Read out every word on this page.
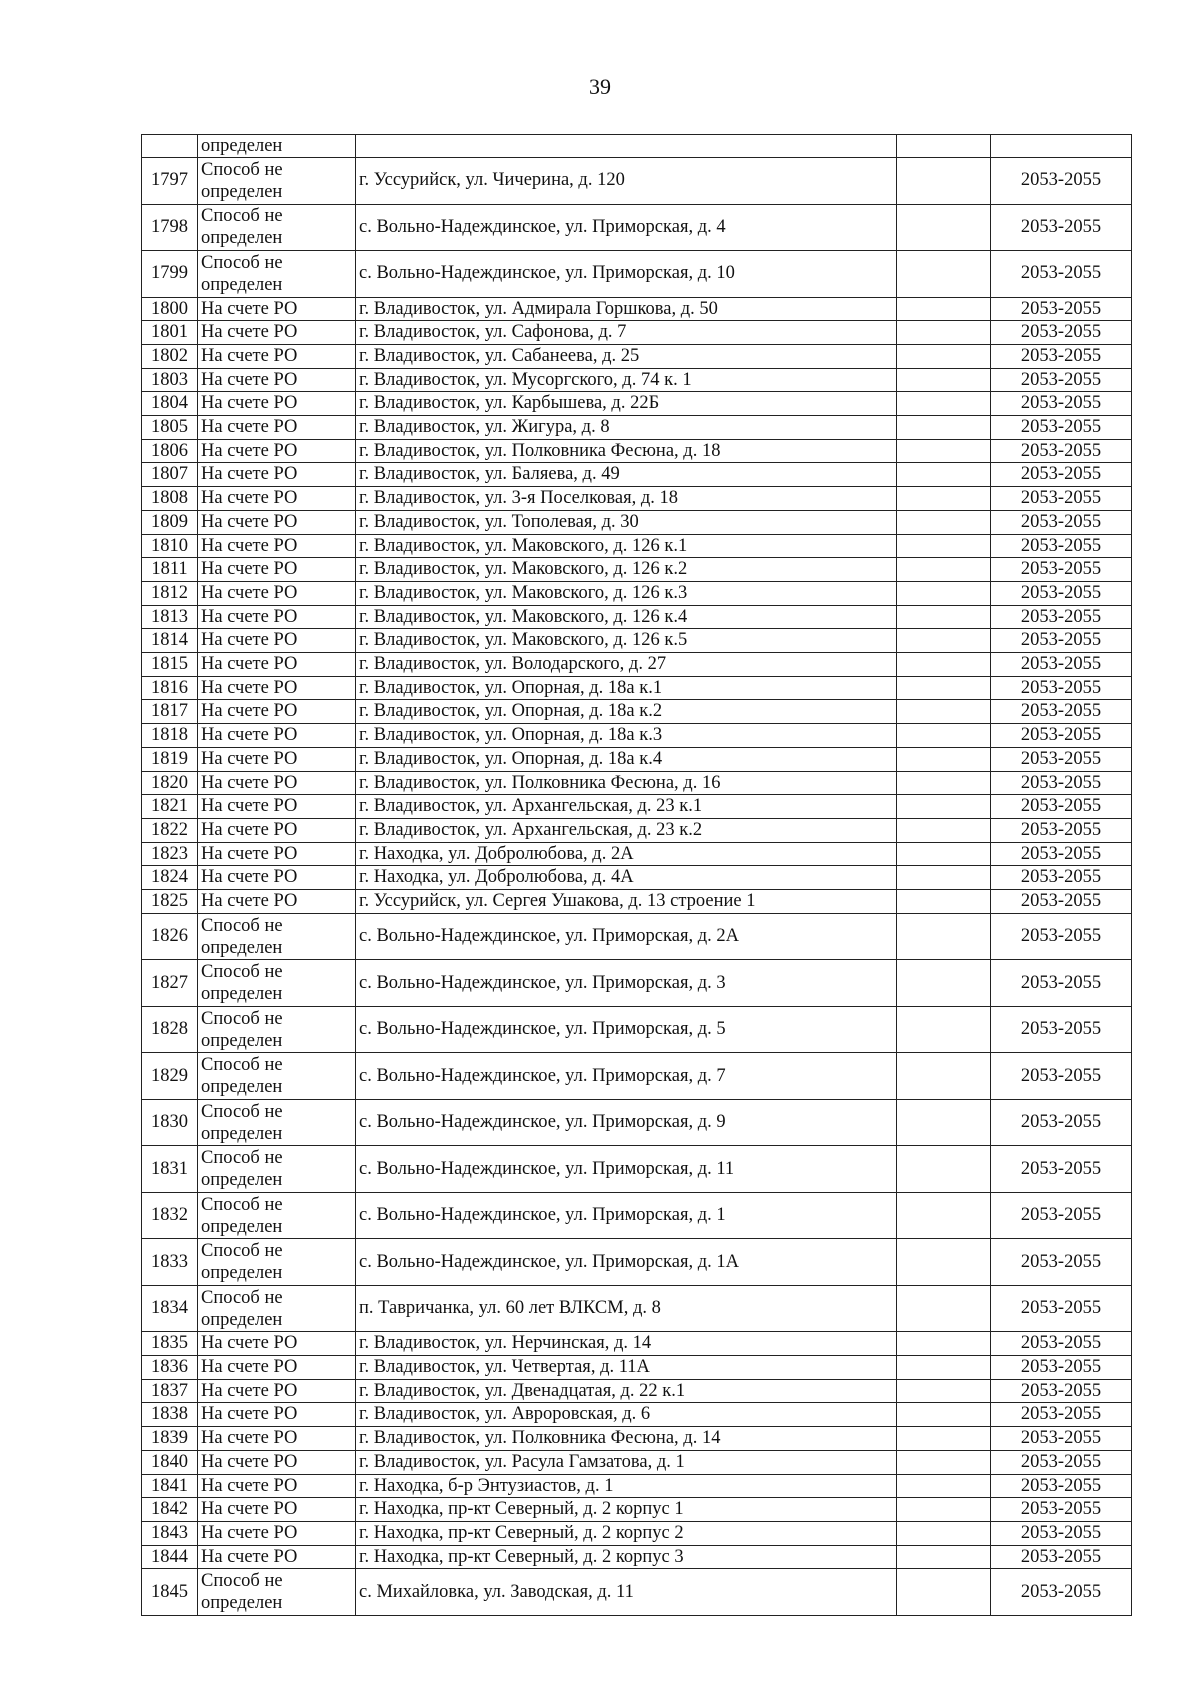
39
	определен			
1797	Способ не определен	г. Уссурийск, ул. Чичерина, д. 120		2053-2055
1798	Способ не определен	с. Вольно-Надеждинское, ул. Приморская, д. 4		2053-2055
1799	Способ не определен	с. Вольно-Надеждинское, ул. Приморская, д. 10		2053-2055
1800	На счете РО	г. Владивосток, ул. Адмирала Горшкова, д. 50		2053-2055
1801	На счете РО	г. Владивосток, ул. Сафонова, д. 7		2053-2055
1802	На счете РО	г. Владивосток, ул. Сабанеева, д. 25		2053-2055
1803	На счете РО	г. Владивосток, ул. Мусоргского, д. 74 к. 1		2053-2055
1804	На счете РО	г. Владивосток, ул. Карбышева, д. 22Б		2053-2055
1805	На счете РО	г. Владивосток, ул. Жигура, д. 8		2053-2055
1806	На счете РО	г. Владивосток, ул. Полковника Фесюна, д. 18		2053-2055
1807	На счете РО	г. Владивосток, ул. Баляева, д. 49		2053-2055
1808	На счете РО	г. Владивосток, ул. 3-я Поселковая, д. 18		2053-2055
1809	На счете РО	г. Владивосток, ул. Тополевая, д. 30		2053-2055
1810	На счете РО	г. Владивосток, ул. Маковского, д. 126 к.1		2053-2055
1811	На счете РО	г. Владивосток, ул. Маковского, д. 126 к.2		2053-2055
1812	На счете РО	г. Владивосток, ул. Маковского, д. 126 к.3		2053-2055
1813	На счете РО	г. Владивосток, ул. Маковского, д. 126 к.4		2053-2055
1814	На счете РО	г. Владивосток, ул. Маковского, д. 126 к.5		2053-2055
1815	На счете РО	г. Владивосток, ул. Володарского, д. 27		2053-2055
1816	На счете РО	г. Владивосток, ул. Опорная, д. 18а к.1		2053-2055
1817	На счете РО	г. Владивосток, ул. Опорная, д. 18а к.2		2053-2055
1818	На счете РО	г. Владивосток, ул. Опорная, д. 18а к.3		2053-2055
1819	На счете РО	г. Владивосток, ул. Опорная, д. 18а к.4		2053-2055
1820	На счете РО	г. Владивосток, ул. Полковника Фесюна, д. 16		2053-2055
1821	На счете РО	г. Владивосток, ул. Архангельская, д. 23 к.1		2053-2055
1822	На счете РО	г. Владивосток, ул. Архангельская, д. 23 к.2		2053-2055
1823	На счете РО	г. Находка, ул. Добролюбова, д. 2А		2053-2055
1824	На счете РО	г. Находка, ул. Добролюбова, д. 4А		2053-2055
1825	На счете РО	г. Уссурийск, ул. Сергея Ушакова, д. 13 строение 1		2053-2055
1826	Способ не определен	с. Вольно-Надеждинское, ул. Приморская, д. 2А		2053-2055
1827	Способ не определен	с. Вольно-Надеждинское, ул. Приморская, д. 3		2053-2055
1828	Способ не определен	с. Вольно-Надеждинское, ул. Приморская, д. 5		2053-2055
1829	Способ не определен	с. Вольно-Надеждинское, ул. Приморская, д. 7		2053-2055
1830	Способ не определен	с. Вольно-Надеждинское, ул. Приморская, д. 9		2053-2055
1831	Способ не определен	с. Вольно-Надеждинское, ул. Приморская, д. 11		2053-2055
1832	Способ не определен	с. Вольно-Надеждинское, ул. Приморская, д. 1		2053-2055
1833	Способ не определен	с. Вольно-Надеждинское, ул. Приморская, д. 1А		2053-2055
1834	Способ не определен	п. Тавричанка, ул. 60 лет ВЛКСМ, д. 8		2053-2055
1835	На счете РО	г. Владивосток, ул. Нерчинская, д. 14		2053-2055
1836	На счете РО	г. Владивосток, ул. Четвертая, д. 11А		2053-2055
1837	На счете РО	г. Владивосток, ул. Двенадцатая, д. 22 к.1		2053-2055
1838	На счете РО	г. Владивосток, ул. Авроровская, д. 6		2053-2055
1839	На счете РО	г. Владивосток, ул. Полковника Фесюна, д. 14		2053-2055
1840	На счете РО	г. Владивосток, ул. Расула Гамзатова, д. 1		2053-2055
1841	На счете РО	г. Находка, б-р Энтузиастов, д. 1		2053-2055
1842	На счете РО	г. Находка, пр-кт Северный, д. 2 корпус 1		2053-2055
1843	На счете РО	г. Находка, пр-кт Северный, д. 2 корпус 2		2053-2055
1844	На счете РО	г. Находка, пр-кт Северный, д. 2 корпус 3		2053-2055
1845	Способ не определен	с. Михайловка, ул. Заводская, д. 11		2053-2055
